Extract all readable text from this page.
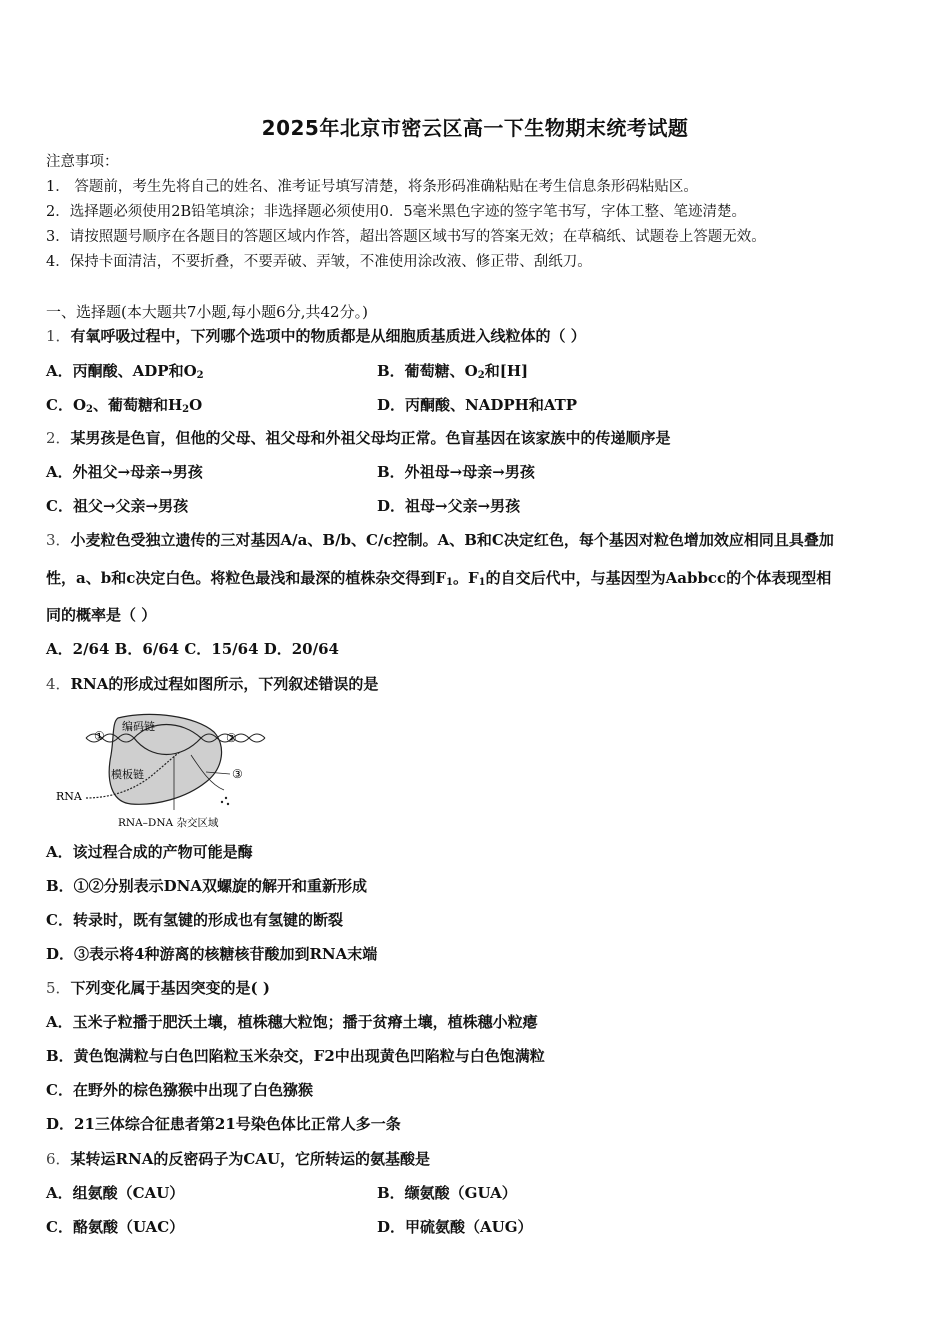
2025年北京市密云区高一下生物期末统考试题
注意事项：
1． 答题前，考生先将自己的姓名、准考证号填写清楚，将条形码准确粘贴在考生信息条形码粘贴区。
2．选择题必须使用2B铅笔填涂；非选择题必须使用0．5毫米黑色字迹的签字笔书写，字体工整、笔迹清楚。
3．请按照题号顺序在各题目的答题区域内作答，超出答题区域书写的答案无效；在草稿纸、试题卷上答题无效。
4．保持卡面清洁，不要折叠，不要弄破、弄皱，不准使用涂改液、修正带、刮纸刀。
一、选择题(本大题共7小题,每小题6分,共42分。)
1．有氧呼吸过程中，下列哪个选项中的物质都是从细胞质基质进入线粒体的（ ）
A．丙酮酸、ADP和$O_2$	B．葡萄糖、$O_2$和[H]
C．$O_2$、葡萄糖和$H_2O$	D．丙酮酸、NADPH和ATP
2．某男孩是色盲，但他的父母、祖父母和外祖父母均正常。色盲基因在该家族中的传递顺序是
A．外祖父→母亲→男孩	B．外祖母→母亲→男孩
C．祖父→父亲→男孩	D．祖母→父亲→男孩
3．小麦粒色受独立遗传的三对基因A/a、B/b、C/c控制。A、B和C决定红色，每个基因对粒色增加效应相同且具叠加
性，a、b和c决定白色。将粒色最浅和最深的植株杂交得到$F_1$。$F_1$的自交后代中，与基因型为Aabbcc的个体表现型相
同的概率是（ ）
A．2/64 B．6/64 C．15/64 D．20/64
4．RNA的形成过程如图所示，下列叙述错误的是
编码链
模板链
RNA
RNA–DNA 杂交区域
①	②
③
A．该过程合成的产物可能是酶
B．①②分别表示DNA双螺旋的解开和重新形成
C．转录时，既有氢键的形成也有氢键的断裂
D．③表示将4种游离的核糖核苷酸加到RNA末端
5．下列变化属于基因突变的是( )
A．玉米子粒播于肥沃土壤，植株穗大粒饱；播于贫瘠土壤，植株穗小粒瘪
B．黄色饱满粒与白色凹陷粒玉米杂交，F2中出现黄色凹陷粒与白色饱满粒
C．在野外的棕色猕猴中出现了白色猕猴
D．21三体综合征患者第21号染色体比正常人多一条
6．某转运RNA的反密码子为CAU，它所转运的氨基酸是
A．组氨酸（CAU）	B．缬氨酸（GUA）
C．酪氨酸（UAC）	D．甲硫氨酸（AUG）
